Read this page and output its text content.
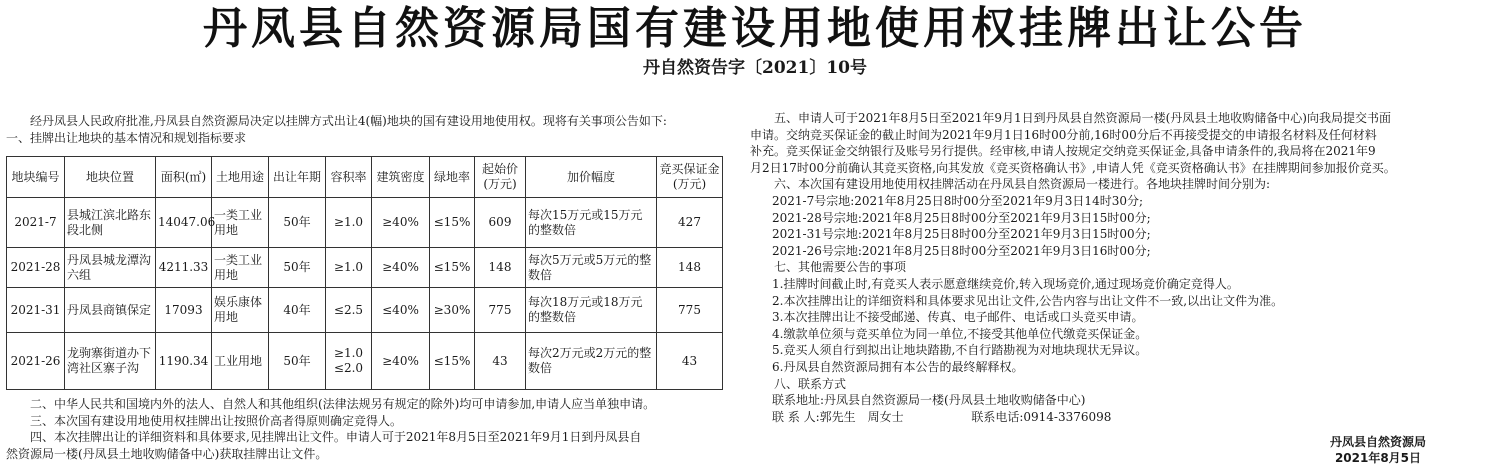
丹凤县自然资源局国有建设用地使用权挂牌出让公告
丹自然资告字〔2021〕10号

经丹凤县人民政府批准,丹凤县自然资源局决定以挂牌方式出让4(幅)地块的国有建设用地使用权。现将有关事项公告如下:

一、挂牌出让地块的基本情况和规划指标要求

地块编号	地块位置	面积(㎡)	土地用途	出让年期	容积率	建筑密度	绿地率	起始价(万元)	加价幅度	竞买保证金(万元)
2021-7	县城江滨北路东段北侧	14047.06	一类工业用地	50年	≥1.0	≥40%	≤15%	609	每次15万元或15万元的整数倍	427
2021-28	丹凤县城龙潭沟六组	4211.33	一类工业用地	50年	≥1.0	≥40%	≤15%	148	每次5万元或5万元的整数倍	148
2021-31	丹凤县商镇保定	17093	娱乐康体用地	40年	≤2.5	≤40%	≥30%	775	每次18万元或18万元的整数倍	775
2021-26	龙驹寨街道办下湾社区寨子沟	1190.34	工业用地	50年	≥1.0 ≤2.0	≥40%	≤15%	43	每次2万元或2万元的整数倍	43

二、中华人民共和国境内外的法人、自然人和其他组织(法律法规另有规定的除外)均可申请参加,申请人应当单独申请。

三、本次国有建设用地使用权挂牌出让按照价高者得原则确定竞得人。

四、本次挂牌出让的详细资料和具体要求,见挂牌出让文件。申请人可于2021年8月5日至2021年9月1日到丹凤县自

然资源局一楼(丹凤县土地收购储备中心)获取挂牌出让文件。

五、申请人可于2021年8月5日至2021年9月1日到丹凤县自然资源局一楼(丹凤县土地收购储备中心)向我局提交书面

申请。交纳竞买保证金的截止时间为2021年9月1日16时00分前,16时00分后不再接受提交的申请报名材料及任何材料

补充。竞买保证金交纳银行及账号另行提供。经审核,申请人按规定交纳竞买保证金,具备申请条件的,我局将在2021年9

月2日17时00分前确认其竞买资格,向其发放《竞买资格确认书》,申请人凭《竞买资格确认书》在挂牌期间参加报价竞买。

六、本次国有建设用地使用权挂牌活动在丹凤县自然资源局一楼进行。各地块挂牌时间分别为:

2021-7号宗地:2021年8月25日8时00分至2021年9月3日14时30分;

2021-28号宗地:2021年8月25日8时00分至2021年9月3日15时00分;

2021-31号宗地:2021年8月25日8时00分至2021年9月3日15时00分;

2021-26号宗地:2021年8月25日8时00分至2021年9月3日16时00分;

七、其他需要公告的事项

1.挂牌时间截止时,有竞买人表示愿意继续竞价,转入现场竞价,通过现场竞价确定竞得人。

2.本次挂牌出让的详细资料和具体要求见出让文件,公告内容与出让文件不一致,以出让文件为准。

3.本次挂牌出让不接受邮递、传真、电子邮件、电话或口头竞买申请。

4.缴款单位须与竞买单位为同一单位,不接受其他单位代缴竞买保证金。

5.竞买人须自行到拟出让地块踏勘,不自行踏勘视为对地块现状无异议。

6.丹凤县自然资源局拥有本公告的最终解释权。

八、联系方式

联系地址:丹凤县自然资源局一楼(丹凤县土地收购储备中心)

联 系 人:郭先生　周女士	联系电话:0914-3376098

丹凤县自然资源局
2021年8月5日
